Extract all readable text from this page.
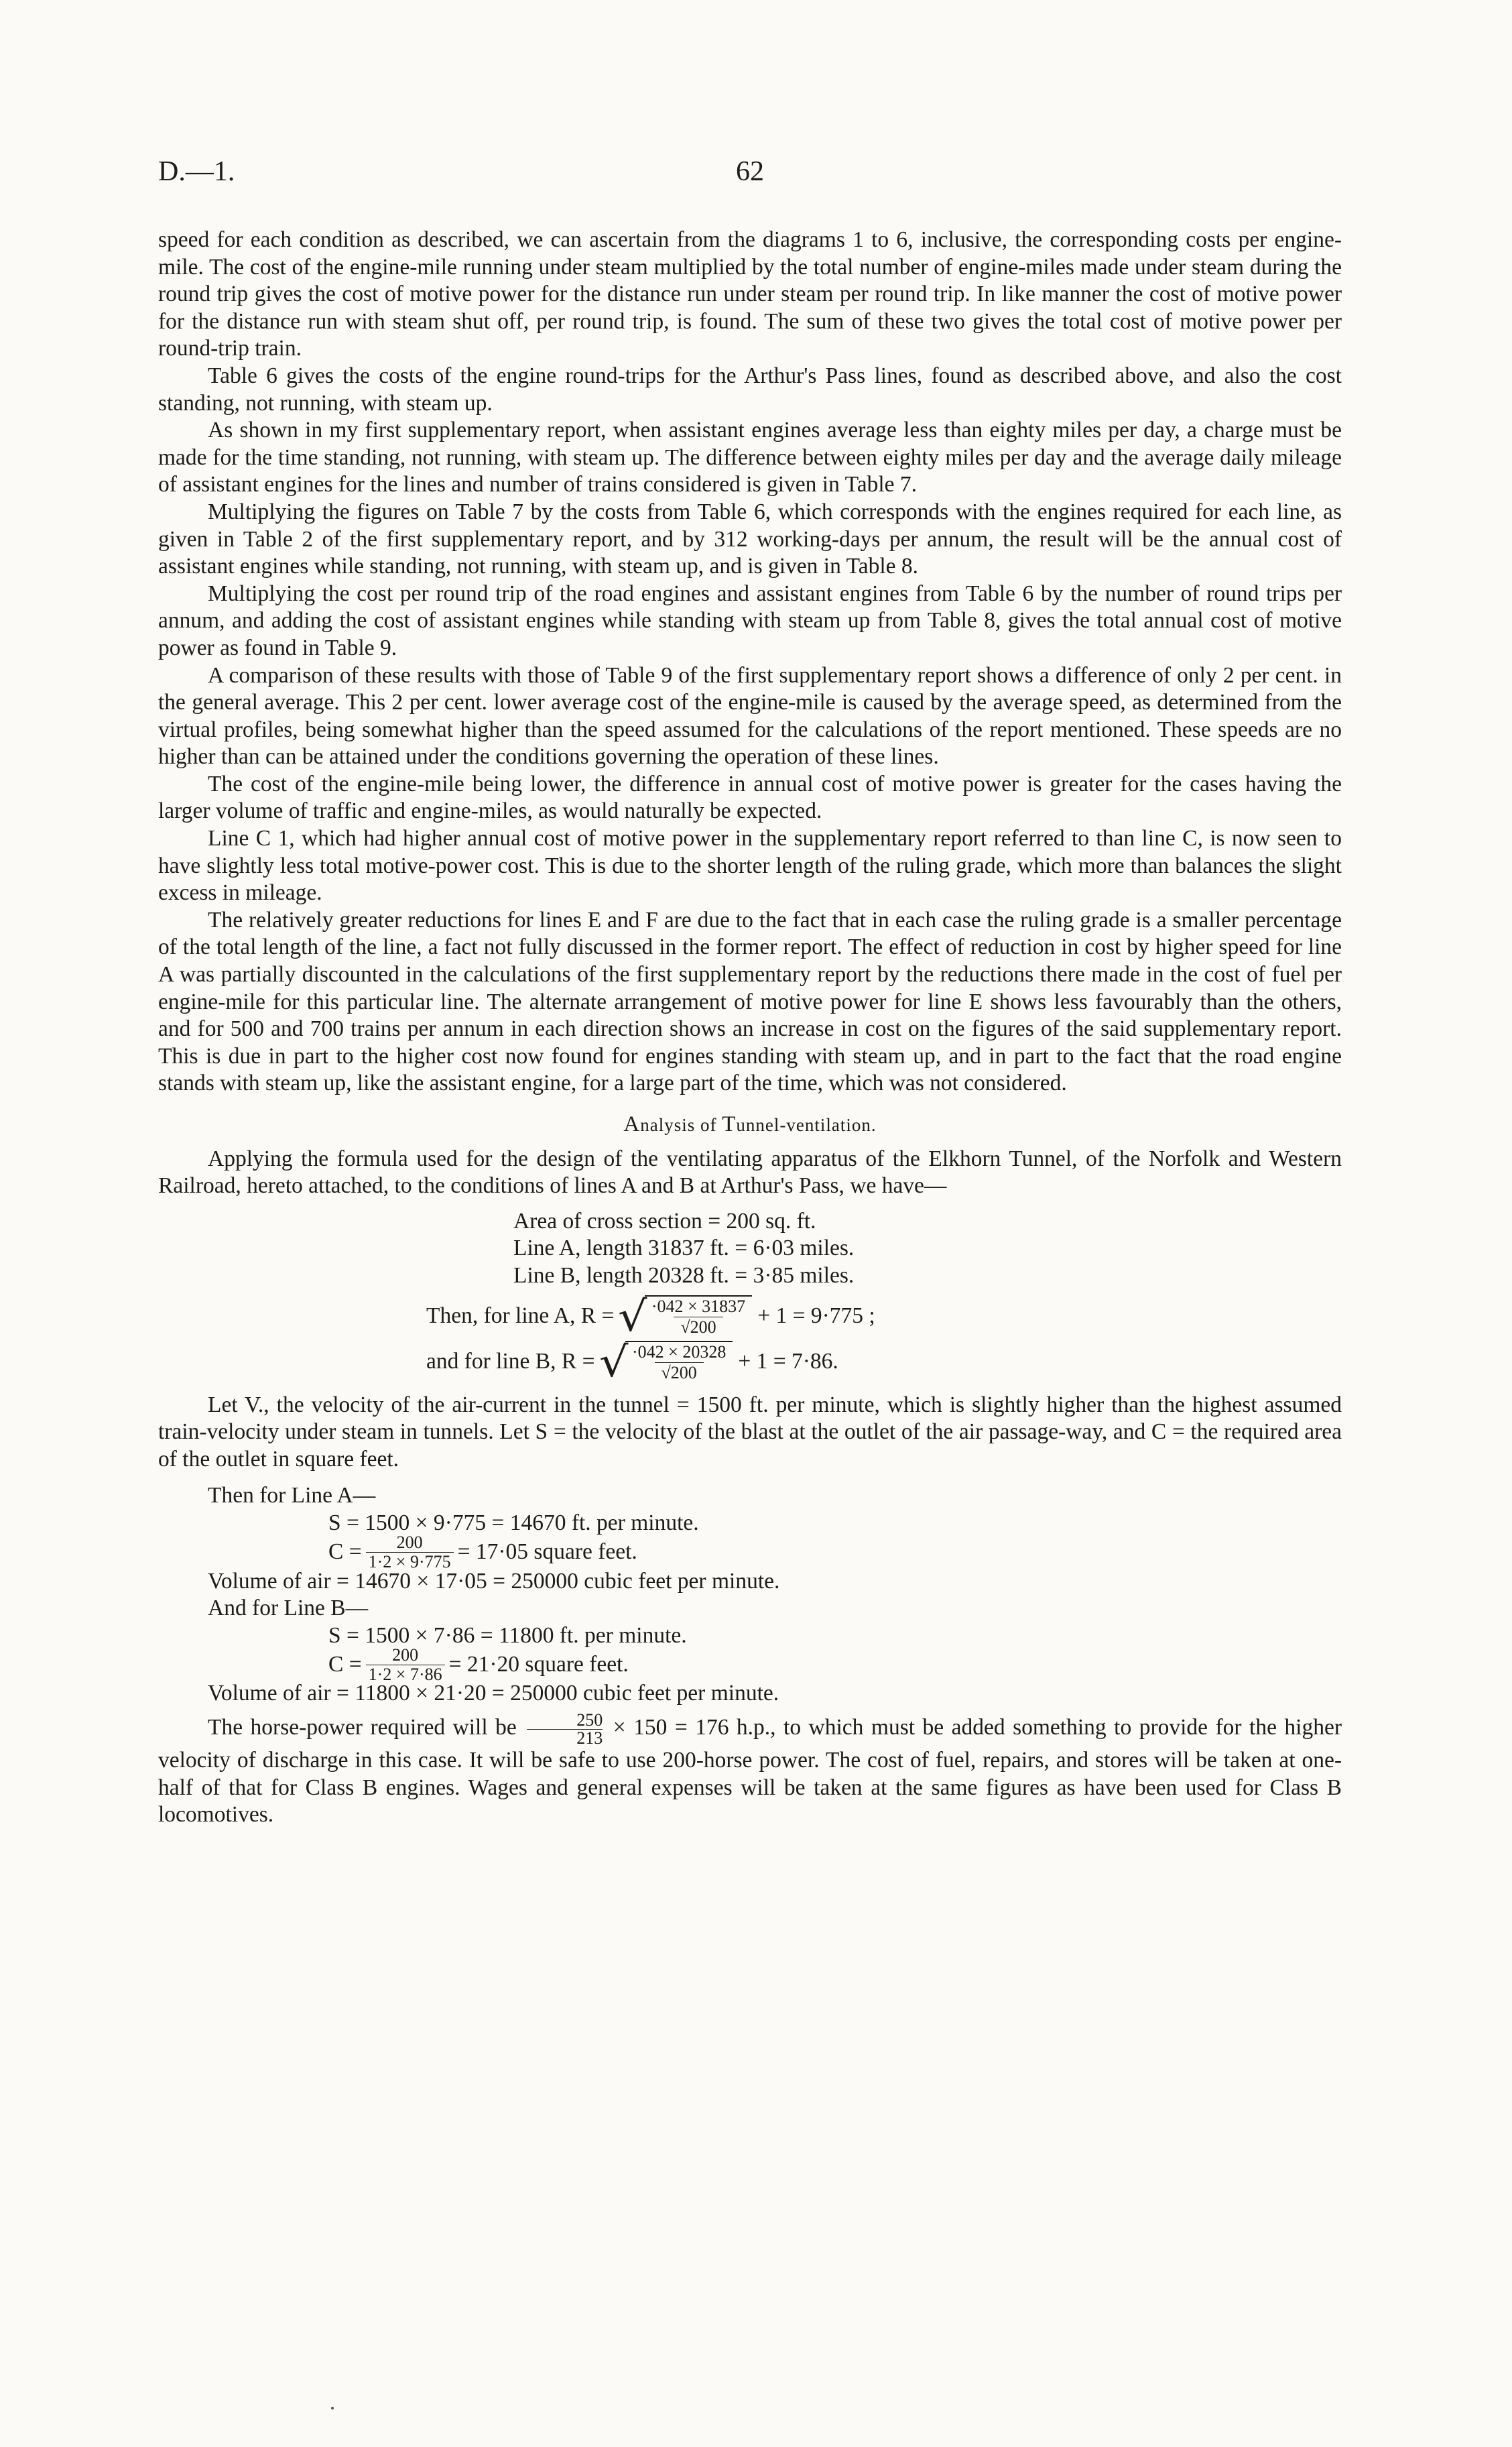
D.—1.	62

speed for each condition as described, we can ascertain from the diagrams 1 to 6, inclusive, the corresponding costs per engine-mile. The cost of the engine-mile running under steam multiplied by the total number of engine-miles made under steam during the round trip gives the cost of motive power for the distance run under steam per round trip. In like manner the cost of motive power for the distance run with steam shut off, per round trip, is found. The sum of these two gives the total cost of motive power per round-trip train.

Table 6 gives the costs of the engine round-trips for the Arthur's Pass lines, found as described above, and also the cost standing, not running, with steam up.

As shown in my first supplementary report, when assistant engines average less than eighty miles per day, a charge must be made for the time standing, not running, with steam up. The difference between eighty miles per day and the average daily mileage of assistant engines for the lines and number of trains considered is given in Table 7.

Multiplying the figures on Table 7 by the costs from Table 6, which corresponds with the engines required for each line, as given in Table 2 of the first supplementary report, and by 312 working-days per annum, the result will be the annual cost of assistant engines while standing, not running, with steam up, and is given in Table 8.

Multiplying the cost per round trip of the road engines and assistant engines from Table 6 by the number of round trips per annum, and adding the cost of assistant engines while standing with steam up from Table 8, gives the total annual cost of motive power as found in Table 9.

A comparison of these results with those of Table 9 of the first supplementary report shows a difference of only 2 per cent. in the general average. This 2 per cent. lower average cost of the engine-mile is caused by the average speed, as determined from the virtual profiles, being somewhat higher than the speed assumed for the calculations of the report mentioned. These speeds are no higher than can be attained under the conditions governing the operation of these lines.

The cost of the engine-mile being lower, the difference in annual cost of motive power is greater for the cases having the larger volume of traffic and engine-miles, as would naturally be expected.

Line C 1, which had higher annual cost of motive power in the supplementary report referred to than line C, is now seen to have slightly less total motive-power cost. This is due to the shorter length of the ruling grade, which more than balances the slight excess in mileage.

The relatively greater reductions for lines E and F are due to the fact that in each case the ruling grade is a smaller percentage of the total length of the line, a fact not fully discussed in the former report. The effect of reduction in cost by higher speed for line A was partially discounted in the calculations of the first supplementary report by the reductions there made in the cost of fuel per engine-mile for this particular line. The alternate arrangement of motive power for line E shows less favourably than the others, and for 500 and 700 trains per annum in each direction shows an increase in cost on the figures of the said supplementary report. This is due in part to the higher cost now found for engines standing with steam up, and in part to the fact that the road engine stands with steam up, like the assistant engine, for a large part of the time, which was not considered.

Analysis of Tunnel-ventilation.

Applying the formula used for the design of the ventilating apparatus of the Elkhorn Tunnel, of the Norfolk and Western Railroad, hereto attached, to the conditions of lines A and B at Arthur's Pass, we have—

Area of cross section = 200 sq. ft.
Line A, length 31837 ft. = 6·03 miles.
Line B, length 20328 ft. = 3·85 miles.
Then, for line A, R = √
$\frac{\cdot 042 \times 31837}{√200} + 1 = 9\cdot 775$ ;
and for line B, R = √
$\frac{\cdot 042 \times 20328}{√200} + 1 = 7\cdot 86$.

Let V., the velocity of the air-current in the tunnel = 1500 ft. per minute, which is slightly higher than the highest assumed train-velocity under steam in tunnels. Let S = the velocity of the blast at the outlet of the air passage-way, and C = the required area of the outlet in square feet.

Then for Line A—
S = 1500 × 9·775 = 14670 ft. per minute.
$C = \frac{200}{1\cdot 2 \times 9\cdot 775} = 17\cdot 05$ square feet.
Volume of air = 14670 × 17·05 = 250000 cubic feet per minute.
And for Line B—
S = 1500 × 7·86 = 11800 ft. per minute.
$C = \frac{200}{1\cdot 2 \times 7\cdot 86} = 21\cdot 20$ square feet.
Volume of air = 11800 × 21·20 = 250000 cubic feet per minute.

The horse-power required will be $\frac{250}{213} \times 150 = 176$ h.p., to which must be added something to provide for the higher velocity of discharge in this case. It will be safe to use 200-horse power. The cost of fuel, repairs, and stores will be taken at one-half of that for Class B engines. Wages and general expenses will be taken at the same figures as have been used for Class B locomotives.
